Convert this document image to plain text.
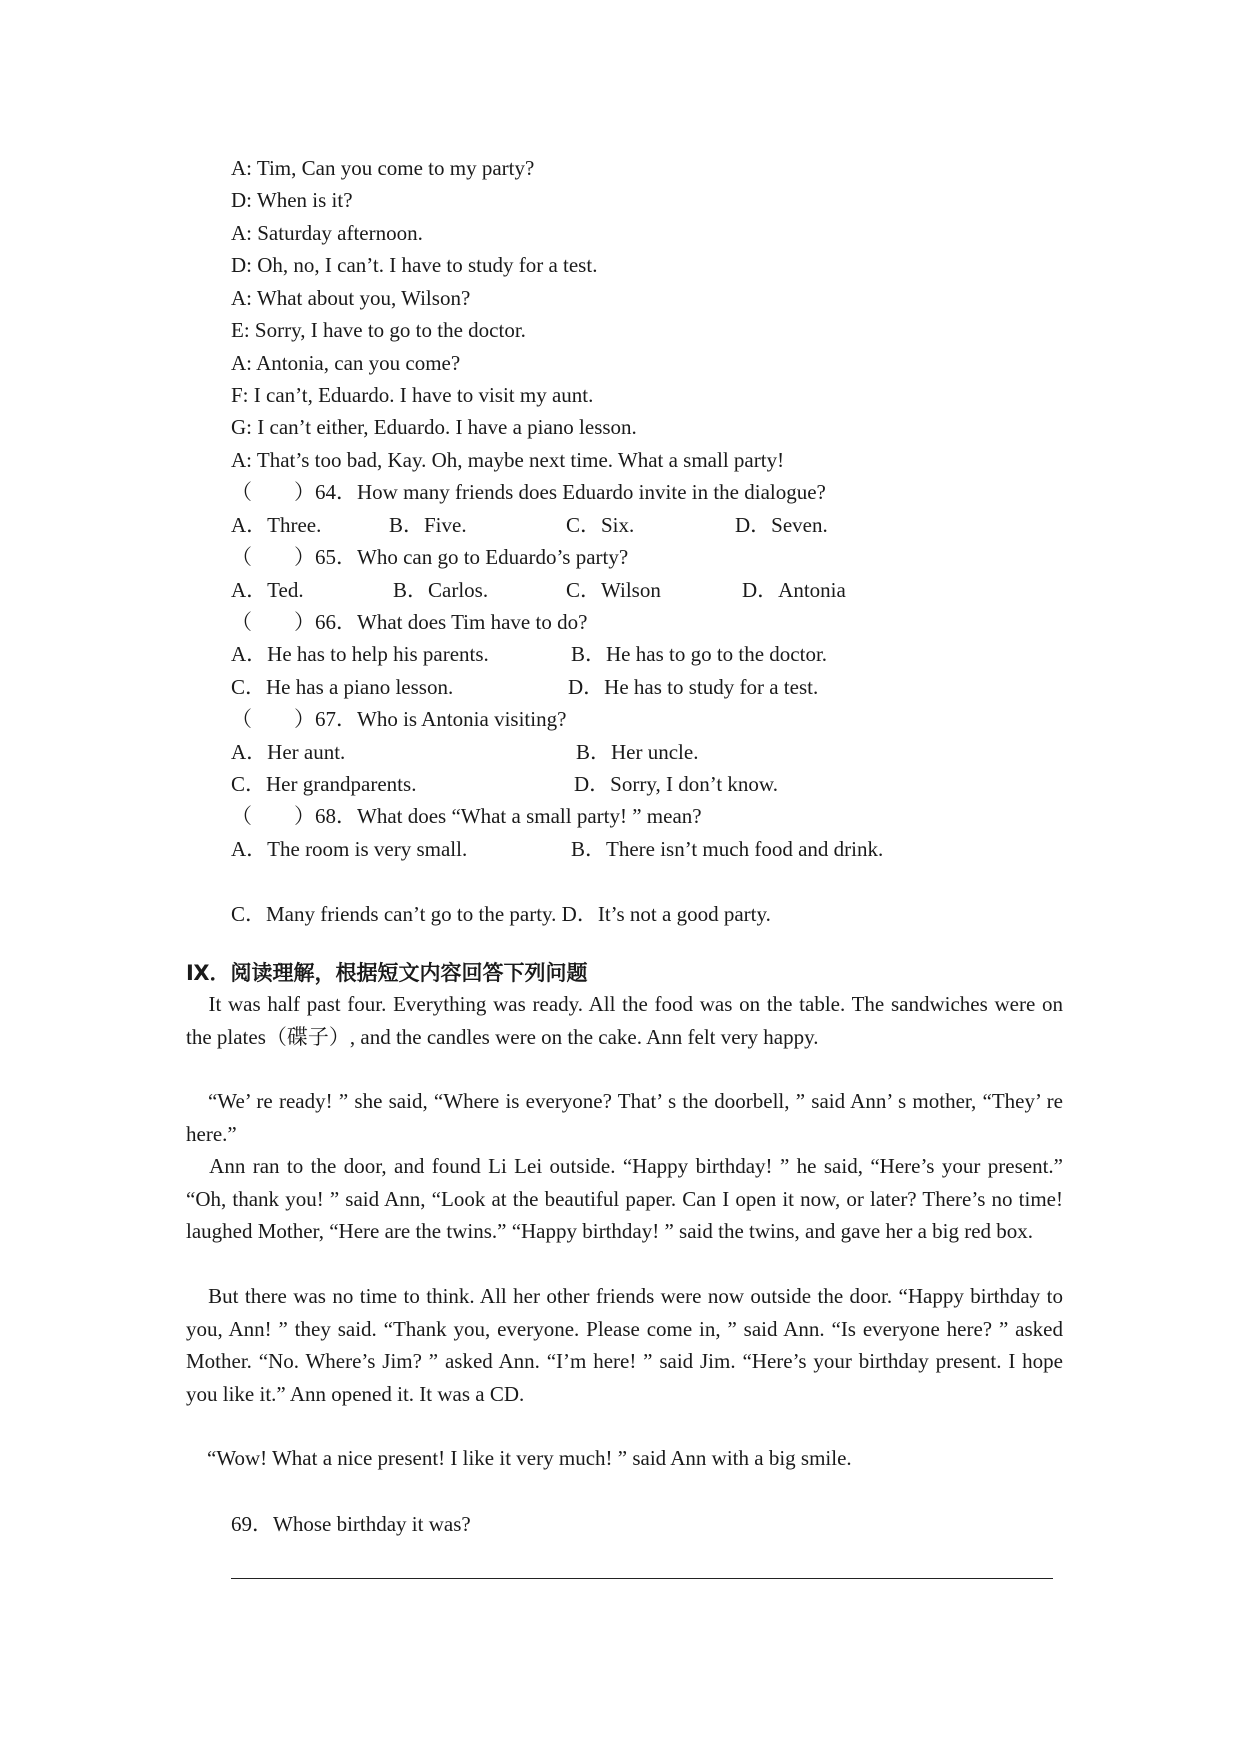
A: Tim, Can you come to my party?
D: When is it?
A: Saturday afternoon.
D: Oh, no, I can’t. I have to study for a test.
A: What about you, Wilson?
E: Sorry, I have to go to the doctor.
A: Antonia, can you come?
F: I can’t, Eduardo. I have to visit my aunt.
G: I can’t either, Eduardo. I have a piano lesson.
A: That’s too bad, Kay. Oh, maybe next time. What a small party!
（　　）64．How many friends does Eduardo invite in the dialogue?
A．Three.	B．Five.	C．Six.	D．Seven.
（　　）65．Who can go to Eduardo’s party?
A．Ted.	B．Carlos.	C．Wilson	D．Antonia
（　　）66．What does Tim have to do?
A．He has to help his parents.	B．He has to go to the doctor.
C．He has a piano lesson.	D．He has to study for a test.
（　　）67．Who is Antonia visiting?
A．Her aunt.	B．Her uncle.
C．Her grandparents.	D．Sorry, I don’t know.
（　　）68．What does “What a small party! ” mean?
A．The room is very small.	B．There isn’t much food and drink.
C．Many friends can’t go to the party. D．It’s not a good party.
Ⅸ．阅读理解，根据短文内容回答下列问题
　It was half past four. Everything was ready. All the food was on the table. The sandwiches were on the plates（碟子）, and the candles were on the cake. Ann felt very happy.
　“We’ re ready! ” she said, “Where is everyone? That’ s the doorbell, ” said Ann’ s mother, “They’ re here.”
　Ann ran to the door, and found Li Lei outside. “Happy birthday! ” he said, “Here’s your present.” “Oh, thank you! ” said Ann, “Look at the beautiful paper. Can I open it now, or later? There’s no time! laughed Mother, “Here are the twins.” “Happy birthday! ” said the twins, and gave her a big red box.
　But there was no time to think. All her other friends were now outside the door. “Happy birthday to you, Ann! ” they said. “Thank you, everyone. Please come in, ” said Ann. “Is everyone here? ” asked Mother. “No. Where’s Jim? ” asked Ann. “I’m here! ” said Jim. “Here’s your birthday present. I hope you like it.” Ann opened it. It was a CD.
　“Wow! What a nice present! I like it very much! ” said Ann with a big smile.
69．Whose birthday it was?
